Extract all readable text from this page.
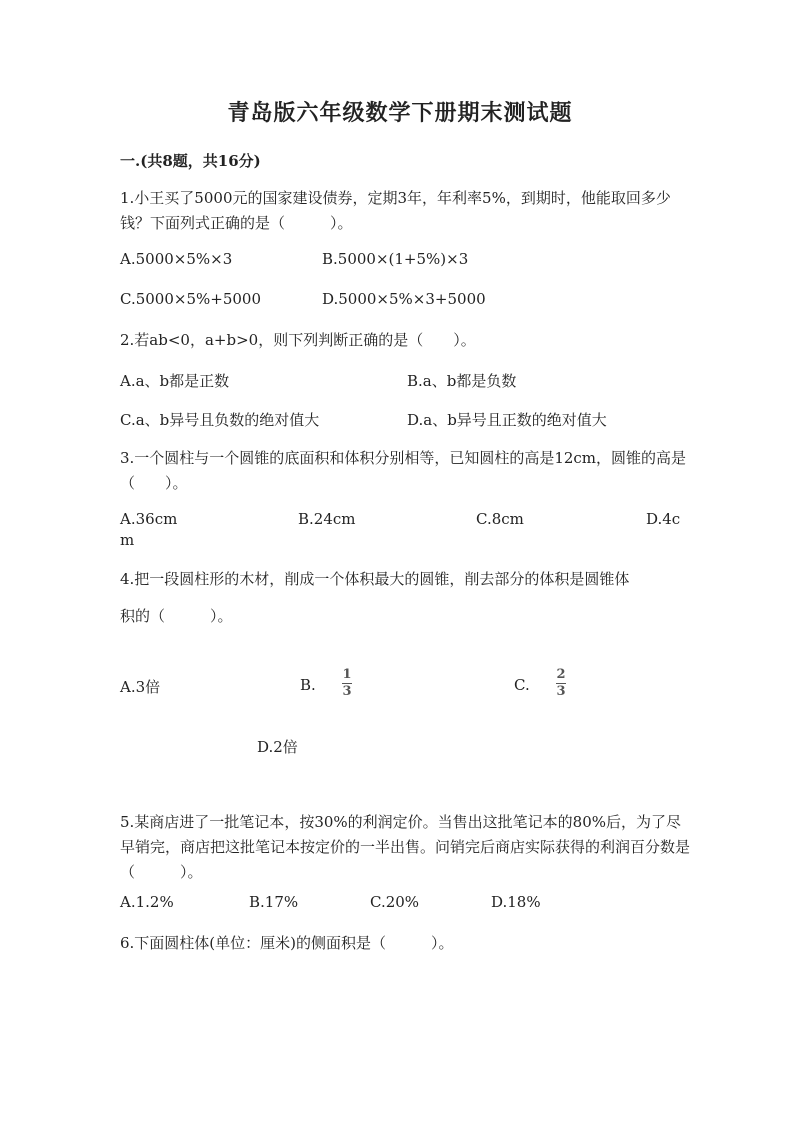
青岛版六年级数学下册期末测试题
一.(共8题，共16分)
1.小王买了5000元的国家建设债券，定期3年，年利率5%，到期时，他能取回多少钱？下面列式正确的是（　　　）。
A.5000×5%×3	B.5000×(1+5%)×3
C.5000×5%+5000	D.5000×5%×3+5000
2.若ab<0，a+b>0，则下列判断正确的是（　　）。
A.a、b都是正数	B.a、b都是负数
C.a、b异号且负数的绝对值大	D.a、b异号且正数的绝对值大
3.一个圆柱与一个圆锥的底面积和体积分别相等，已知圆柱的高是12cm，圆锥的高是（　　）。
A.36cm	B.24cm	C.8cm	D.4c
m
4.把一段圆柱形的木材，削成一个体积最大的圆锥，削去部分的体积是圆锥体
积的（　　　）。
A.3倍	B.
1
3	C.
2
3
D.2倍
5.某商店进了一批笔记本，按30%的利润定价。当售出这批笔记本的80%后，为了尽早销完，商店把这批笔记本按定价的一半出售。问销完后商店实际获得的利润百分数是（　　　）。
A.1.2%	B.17%	C.20%	D.18%
6.下面圆柱体(单位：厘米)的侧面积是（　　　）。
